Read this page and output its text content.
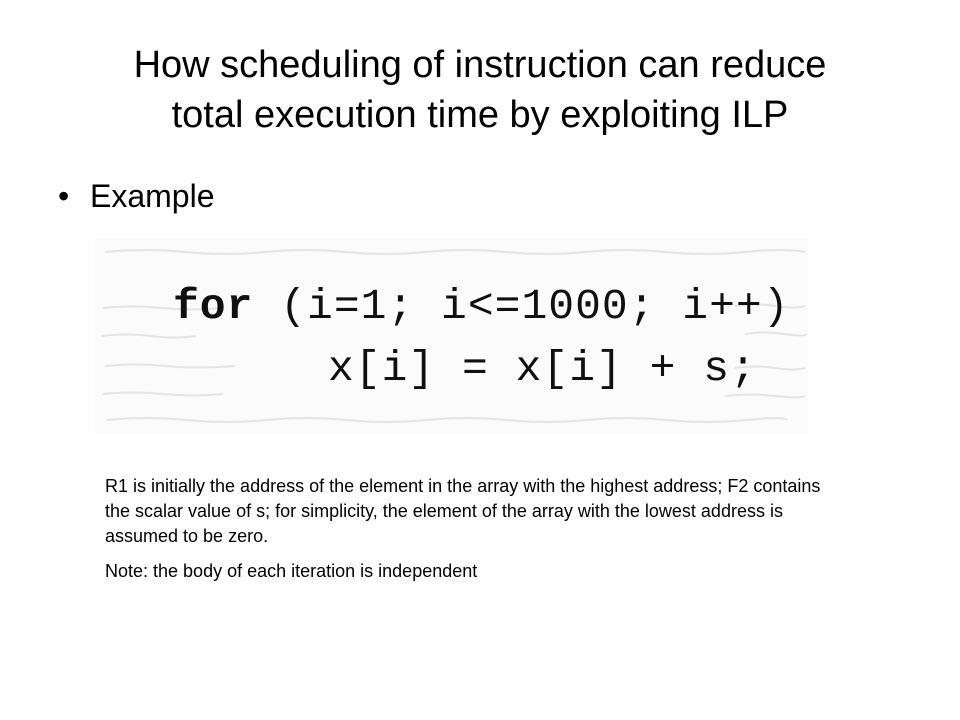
How scheduling of instruction can reduce
total execution time by exploiting ILP
• Example
for (i=1; i<=1000; i++)
x[i] = x[i] + s;

R1 is initially the address of the element in the array with the highest address; F2 contains the scalar value of s; for simplicity, the element of the array with the lowest address is assumed to be zero.

Note: the body of each iteration is independent
